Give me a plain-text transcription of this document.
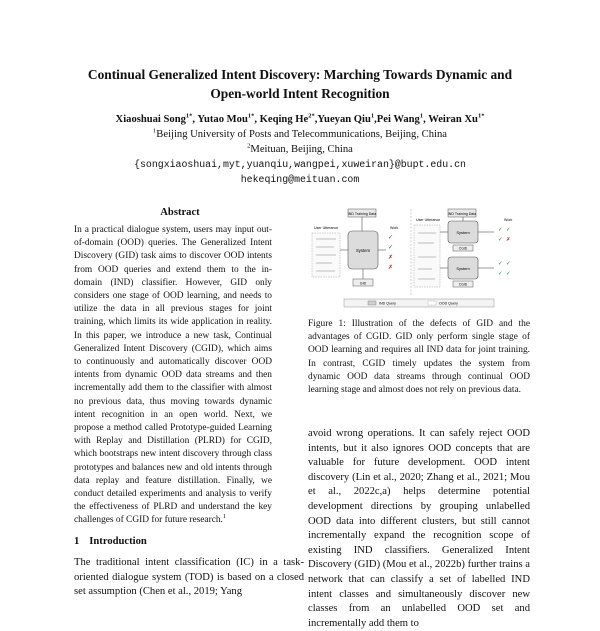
Continual Generalized Intent Discovery: Marching Towards Dynamic and
Open-world Intent Recognition
Xiaoshuai Song$^{1*}$, Yutao Mou$^{1*}$, Keqing $He^{2*},Yueyan$ Qiu$^1$,Pei Wang$^1$, Weiran $Xu^{1*}$
$^1$Beijing University of Posts and Telecommunications, Beijing, China
$^2$Meituan, Beijing, China
{songxiaoshuai,myt,yuanqiu,wangpei,xuweiran}@bupt.edu.cn
hekeqing@meituan.com
Abstract
In a practical dialogue system, users may input out-of-domain (OOD) queries. The Generalized Intent Discovery (GID) task aims to discover OOD intents from OOD queries and extend them to the in-domain (IND) classifier. However, GID only considers one stage of OOD learning, and needs to utilize the data in all previous stages for joint training, which limits its wide application in reality. In this paper, we introduce a new task, Continual Generalized Intent Discovery (CGID), which aims to continuously and automatically discover OOD intents from dynamic OOD data streams and then incrementally add them to the classifier with almost no previous data, thus moving towards dynamic intent recognition in an open world. Next, we propose a method called Prototype-guided Learning with Replay and Distillation (PLRD) for CGID, which bootstraps new intent discovery through class prototypes and balances new and old intents through data replay and feature distillation. Finally, we conduct detailed experiments and analysis to verify the effectiveness of PLRD and understand the key challenges of CGID for future research.$^1$
1 Introduction
The traditional intent classification (IC) in a task-oriented dialogue system (TOD) is based on a closed set assumption (Chen et al., 2019; Yang
IND Training Data
User Utterance
System
Work
✓
✓
✗
✗
GID
IND Training Data
User Utterance
System
CGID
System
CGID
Work
✓ ✓
✓ ✗
✓ ✓
✓ ✓
IND Query	OOD Query
Figure 1: Illustration of the defects of GID and the advantages of CGID. GID only perform single stage of OOD learning and requires all IND data for joint training. In contrast, CGID timely updates the system from dynamic OOD data streams through continual OOD learning stage and almost does not rely on previous data.
avoid wrong operations. It can safely reject OOD intents, but it also ignores OOD concepts that are valuable for future development. OOD intent discovery (Lin et al., 2020; Zhang et al., 2021; Mou et al., 2022c,a) helps determine potential development directions by grouping unlabelled OOD data into different clusters, but still cannot incrementally expand the recognition scope of existing IND classifiers. Generalized Intent Discovery (GID) (Mou et al., 2022b) further trains a network that can classify a set of labelled IND intent classes and simultaneously discover new classes from an unlabelled OOD set and incrementally add them to
